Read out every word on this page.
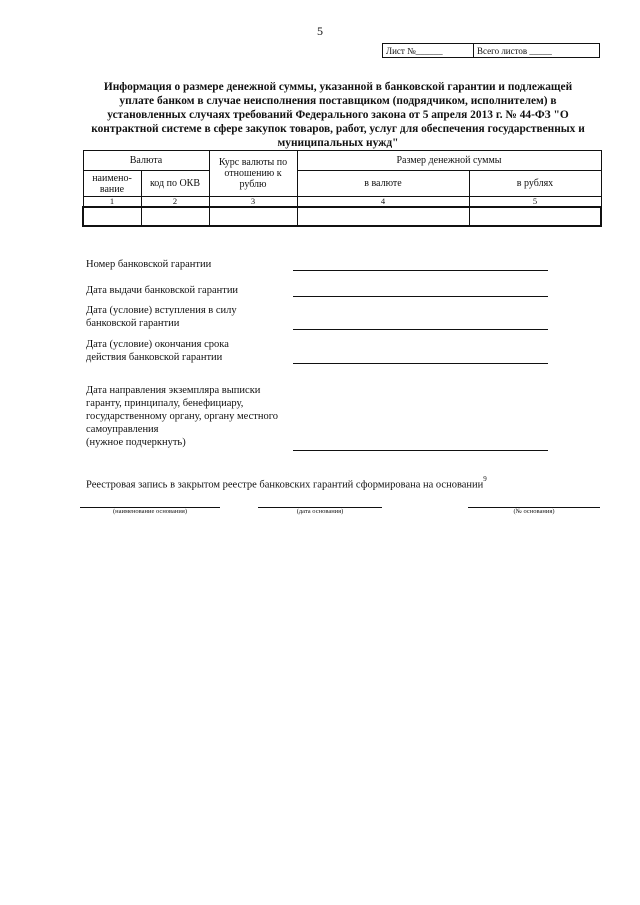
5
Лист №______	Всего листов _____
Информация о размере денежной суммы, указанной в банковской гарантии и подлежащей уплате банком в случае неисполнения поставщиком (подрядчиком, исполнителем) в установленных случаях требований Федерального закона от 5 апреля 2013 г. № 44-ФЗ "О контрактной системе в сфере закупок товаров, работ, услуг для обеспечения государственных и муниципальных нужд"
Валюта		Курс валюты по отношению к рублю	Размер денежной суммы	
наимено-вание	код по ОКВ		в валюте	в рублях
1	2	3	4	5

Номер банковской гарантии
Дата выдачи банковской гарантии
Дата (условие) вступления в силу банковской гарантии
Дата (условие) окончания срока действия банковской гарантии
Дата направления экземпляра выписки
гаранту, принципалу, бенефициару,
государственному органу, органу местного
самоуправления
(нужное подчеркнуть)
Реестровая запись в закрытом реестре банковских гарантий сформирована на основании$^9$
(наименование основания)	(дата основания)	(№ основания)
